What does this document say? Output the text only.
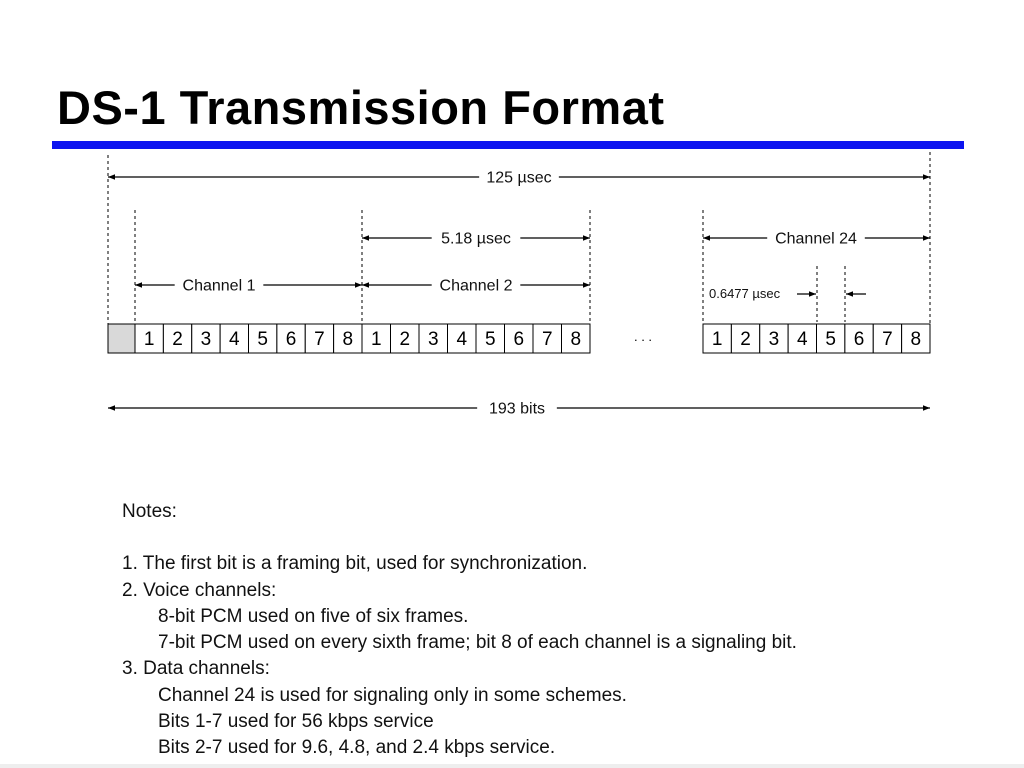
DS-1 Transmission Format
125 µsec
5.18 µsec	Channel 24
Channel 1	Channel 2
193 bits
0.6477 µsec
1 2 3 4 5 6 7 8 1 2 3 4 5 6 7 8	1 2 3 4 5 6 7 8
. . .
Notes:
1. The first bit is a framing bit, used for synchronization.
2. Voice channels:
8-bit PCM used on five of six frames.
7-bit PCM used on every sixth frame; bit 8 of each channel is a signaling bit.
3. Data channels:
Channel 24 is used for signaling only in some schemes.
Bits 1-7 used for 56 kbps service
Bits 2-7 used for 9.6, 4.8, and 2.4 kbps service.
